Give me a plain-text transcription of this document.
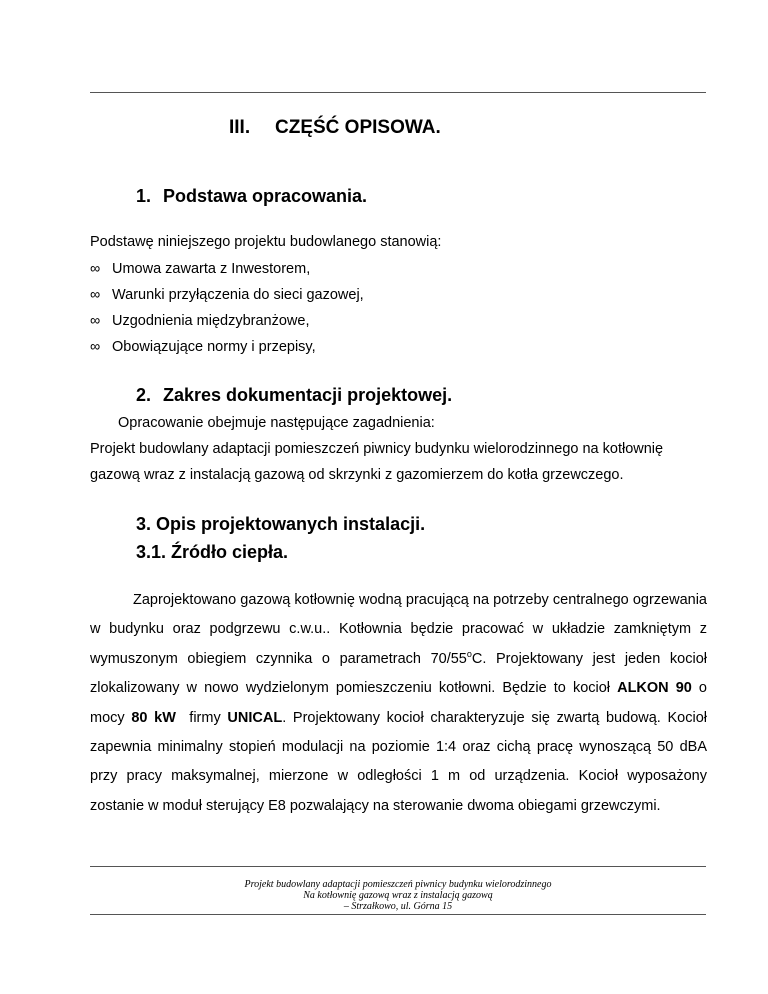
III. CZĘŚĆ OPISOWA.
1. Podstawa opracowania.
Podstawę niniejszego projektu budowlanego stanowią:
∞ Umowa zawarta z Inwestorem,
∞ Warunki przyłączenia do sieci gazowej,
∞ Uzgodnienia międzybranżowe,
∞ Obowiązujące normy i przepisy,
2. Zakres dokumentacji projektowej.
Opracowanie obejmuje następujące zagadnienia:
Projekt budowlany adaptacji pomieszczeń piwnicy budynku wielorodzinnego na kotłownię
gazową wraz z instalacją gazową od skrzynki z gazomierzem do kotła grzewczego.
3. Opis projektowanych instalacji.
3.1. Źródło ciepła.
Zaprojektowano gazową kotłownię wodną pracującą na potrzeby centralnego ogrzewania w budynku oraz podgrzewu c.w.u.. Kotłownia będzie pracować w układzie zamkniętym z wymuszonym obiegiem czynnika o parametrach 70/55$^o$C. Projektowany jest jeden kocioł zlokalizowany w nowo wydzielonym pomieszczeniu kotłowni. Będzie to kocioł ALKON 90 o mocy 80 kW  firmy UNICAL. Projektowany kocioł charakteryzuje się zwartą budową. Kocioł zapewnia minimalny stopień modulacji na poziomie 1:4 oraz cichą pracę wynoszącą 50 dBA przy pracy maksymalnej, mierzone w odległości 1 m od urządzenia. Kocioł wyposażony zostanie w moduł sterujący E8 pozwalający na sterowanie dwoma obiegami grzewczymi.
Projekt budowlany adaptacji pomieszczeń piwnicy budynku wielorodzinnego
Na kotłownię gazową wraz z instalacją gazową
– Strzałkowo, ul. Górna 15
